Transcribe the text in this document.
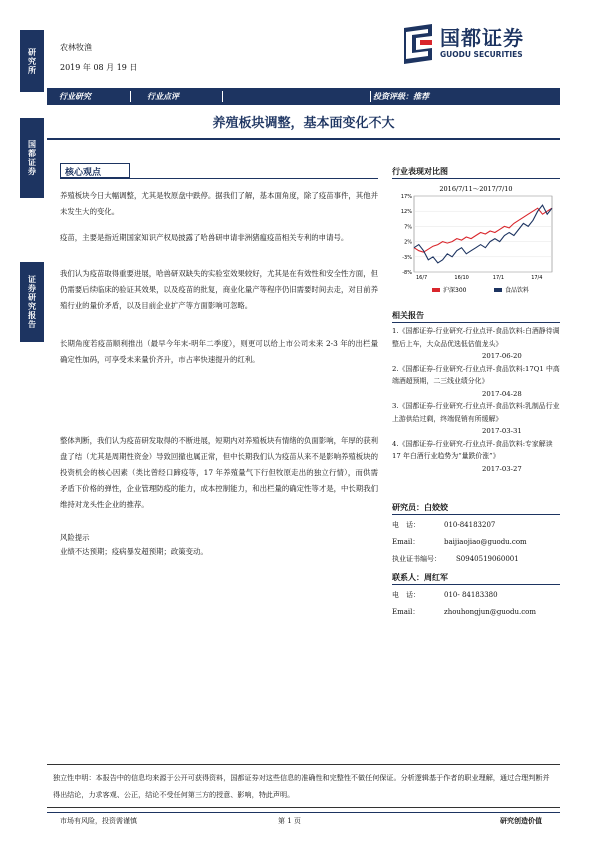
研究所
国都证券
证券研究报告
农林牧渔
2019 年 08 月 19 日
国都证券
GUODU SECURITIES
行业研究	行业点评	投资评级：推荐
养殖板块调整，基本面变化不大
核心观点
养殖板块今日大幅调整，尤其是牧原盘中跌停。据我们了解，基本面角度，除了疫苗事件，其他并未发生大的变化。
疫苗，主要是指近期国家知识产权局披露了哈兽研申请非洲猪瘟疫苗相关专利的申请号。
我们认为疫苗取得重要进展，哈兽研双缺失的实验室效果较好，尤其是在有效性和安全性方面，但仍需要后续临床的验证其效果，以及疫苗的批复，商业化量产等程序仍旧需要时间去走，对目前养殖行业的量价矛盾，以及目前企业扩产等方面影响可忽略。
长期角度若疫苗顺利推出（最早今年末-明年二季度），则更可以给上市公司未来 2-3 年的出栏量确定性加码，可享受未来量价齐升，市占率快速提升的红利。
整体判断，我们认为疫苗研发取得的不断进展，短期内对养殖板块有情绪的负面影响，年厚的获利盘了结（尤其是周期性资金）导致回撤也属正常，但中长期我们认为疫苗从来不是影响养殖板块的投资机会的核心因素（类比曾经口蹄疫等，17 年养殖量气下行但牧原走出的独立行情），而供需矛盾下价格的弹性，企业管理防疫的能力，成本控制能力，和出栏量的确定性等才是，中长期我们维持对龙头性企业的推荐。
风险提示
业绩不达预期；疫病暴发超预期；政策变动。
行业表现对比图
2016/7/11～2017/7/10
17%
12%
7%
2%
-3%
-8%
16/7	16/10	17/1	17/4
沪深300	食品饮料
相关报告
1.《国都证券-行业研究-行业点评-食品饮料:白酒静待调整后上车，大众品优选低估值龙头》
2017-06-20
2.《国都证券-行业研究-行业点评-食品饮料:17Q1 中高端酒超预期，二三线业绩分化》
2017-04-28
3.《国都证券-行业研究-行业点评-食品饮料:乳制品行业上游供给过剩，终端促销有所缓解》
2017-03-31
4.《国都证券-行业研究-行业点评-食品饮料:专家解读 17 年白酒行业趋势为“量跌价涨”》
2017-03-27
研究员：白姣姣
电　话：	010-84183207
Email：	baijiaojiao@guodu.com
执业证书编号： S0940519060001
联系人：周红军
电　话：	010- 84183380
Email：	zhouhongjun@guodu.com
独立性申明：本报告中的信息均来源于公开可获得资料，国都证券对这些信息的准确性和完整性不做任何保证。分析逻辑基于作者的职业理解，通过合理判断并得出结论，力求客观、公正，结论不受任何第三方的授意、影响，特此声明。
市场有风险，投资需谨慎	第 1 页	研究创造价值
